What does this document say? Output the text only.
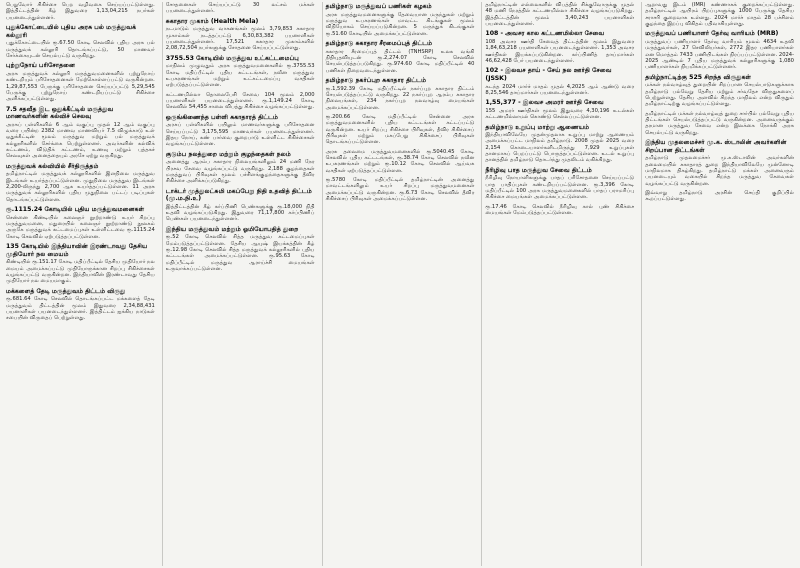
பெறுவோர் சிகிச்சை பெற வழிவகை செய்யப்பட்டுள்ளது. இத்திட்டத்தின் கீழ் இதுவரை 1,13,04,215 நபர்கள் பயனடைந்துள்ளனர்.

புதுக்கோட்டையில் புதிய அரசு பல் மருத்துவக் கல்லூரி

புதுக்கோட்டையில் ரூ.67.50 கோடி செலவில் புதிய அரசு பல் மருத்துவக் கல்லூரி தொடங்கப்பட்டு, 50 மாணவர் சேர்க்கையுடன் செயல்பட்டு வருகிறது.

புற்றுநோய் பரிசோதனை

அரசு மருத்துவக் கல்லூரி மருத்துவமனைகளில் புற்றுநோய் கண்டறியும் பரிசோதனைகள் மேற்கொள்ளப்பட்டு வருகின்றன. 1,29,87,553 பேருக்கு பரிசோதனை செய்யப்பட்டு 5,29,545 பேருக்கு புற்றுநோய் கண்டறியப்பட்டு சிகிச்சை அளிக்கப்பட்டுள்ளது.

7.5 சதவீத இட ஒதுக்கீட்டில் மருத்துவ மாணவர்களின் கல்விச் செலவு

அரசுப் பள்ளிகளில் 6 ஆம் வகுப்பு முதல் 12 ஆம் வகுப்பு வரை பயின்ற 2382 மாணவ மாணவியர் 7.5 விழுக்காடு உள் ஒதுக்கீட்டின் மூலம் மருத்துவ மற்றும் பல் மருத்துவக் கல்லூரிகளில் சேர்க்கை பெற்றுள்ளனர். அவர்களின் கல்விக் கட்டணம், விடுதிக் கட்டணம், உணவு மற்றும் புத்தகச் செலவுகள் அனைத்தையும் அரசே ஏற்று வருகிறது.

மருத்துவக் கல்வியில் சீர்திருத்தம்

தமிழ்நாட்டில் மருத்துவக் கல்லூரிகளில் இளநிலை மருத்துவ இடங்கள் உயர்த்தப்பட்டுள்ளன. முதுநிலை மருத்துவ இடங்கள் 2,200-லிருந்து 2,700 ஆக உயர்த்தப்பட்டுள்ளன. 11 அரசு மருத்துவக் கல்லூரிகளில் புதிய முதுநிலை பட்டப் படிப்புகள் தொடங்கப்பட்டுள்ளன.

ரூ.1115.24 கோடியில் புதிய மருத்துவமனைகள்

சென்னை கிண்டியில் கலைஞர் நூற்றாண்டு உயர் சிறப்பு மருத்துவமனை, மதுரையில் கலைஞர் நூற்றாண்டு நூலகம் அருகே மருத்துவக் கட்டமைப்புகள் உள்ளிட்டவை ரூ.1115.24 கோடி செலவில் ஏற்படுத்தப்பட்டுள்ளன.

135 கோடியில் இந்தியாவின் இரண்டாவது தேசிய முதியோர் நல மையம்

கிண்டியில் ரூ.151.17 கோடி மதிப்பீட்டில் தேசிய முதியோர் நல மையம் அமைக்கப்பட்டு முதியோருக்கான சிறப்பு சிகிச்சைகள் வழங்கப்பட்டு வருகின்றன. இந்தியாவின் இரண்டாவது தேசிய முதியோர் நல மையமாகும்.

மக்களைத் தேடி மருத்துவம் திட்டம் விருது

ரூ.681.64 கோடி செலவில் தொடங்கப்பட்ட மக்களைத் தேடி மருத்துவம் திட்டத்தின் மூலம் இதுவரை 2,34,88,431 பயனாளிகள் பயனடைந்துள்ளனர். இத்திட்டம் ஐக்கிய நாடுகள் சபையின் விருதைப் பெற்றுள்ளது.

சோதனைகள் செய்யப்பட்டு 30 லட்சம் மக்கள் பயனடைந்துள்ளனர்.

சுகாதார முகாம் (Health Mela)

நடமாடும் மருத்துவ வாகனங்கள் மூலம் 3,79,853 சுகாதார முகாம்கள் நடத்தப்பட்டு 6,30,83,382 பயனாளிகள் பயனடைந்துள்ளனர். 17,521 சுகாதார முகாம்களில் 2,08,72,504 நபர்களுக்கு சோதனை செய்யப்பட்டுள்ளது.

3755.53 கோடியில் மருத்துவ உட்கட்டமைப்பு

மாநிலம் முழுவதும் அரசு மருத்துவமனைகளில் ரூ.3755.53 கோடி மதிப்பீட்டில் புதிய கட்டடங்கள், நவீன மருத்துவ உபகரணங்கள் மற்றும் உட்கட்டமைப்பு வசதிகள் ஏற்படுத்தப்பட்டுள்ளன.

கட்டணமில்லா தொலைபேசி சேவை 104 மூலம் 2,000 பயனாளிகள் பயனடைந்துள்ளனர். ரூ.1,149.24 கோடி செலவில் 54,455 சாலை விபத்து சிகிச்சை வழங்கப்பட்டுள்ளது.

ஒருங்கிணைந்த பள்ளி சுகாதாரத் திட்டம்

அரசுப் பள்ளிகளில் பயிலும் மாணவர்களுக்கு பரிசோதனை செய்யப்பட்டு 3,175,595 மாணவர்கள் பயனடைந்துள்ளனர். இதய நோய், கண் பார்வை குறைபாடு உள்ளிட்ட சிகிச்சைகள் வழங்கப்பட்டுள்ளன.

குடும்ப நலத்துறை மற்றும் குழந்தைகள் நலம்

அனைத்து ஆரம்ப சுகாதார நிலையங்களிலும் 24 மணி நேர பிரசவ சேவை வழங்கப்பட்டு வருகிறது. 2,188 குழந்தைகள் மருத்துவப் பிரிவுகள் மூலம் பச்சிளங்குழந்தைகளுக்கு தீவிர சிகிச்சை அளிக்கப்படுகிறது.

டாக்டர் முத்துலட்சுமி மகப்பேறு நிதி உதவித் திட்டம் (மு.ம.நி.உ)

இத்திட்டத்தின் கீழ் கர்ப்பிணி பெண்களுக்கு ரூ.18,000 நிதி உதவி வழங்கப்படுகிறது. இதுவரை 71,17,800 கர்ப்பிணிப் பெண்கள் பயனடைந்துள்ளனர்.

இந்திய மருத்துவம் மற்றும் ஓமியோபதித் துறை

ரூ.52 கோடி செலவில் சித்த மருத்துவ கட்டமைப்புகள் மேம்படுத்தப்பட்டுள்ளன. தேசிய ஆயுஷ் இயக்கத்தின் கீழ் ரூ.12.98 கோடி செலவில் சித்த மருத்துவக் கல்லூரிகளில் புதிய கட்டடங்கள் அமைக்கப்பட்டுள்ளன. ரூ.95.63 கோடி மதிப்பீட்டில் மருத்துவ ஆராய்ச்சி மையங்கள் உருவாக்கப்பட்டுள்ளன.

தமிழ்நாடு மருத்துவப் பணிகள் கழகம்

அரசு மருத்துவமனைகளுக்கு தேவையான மருந்துகள் மற்றும் மருத்துவ உபகரணங்கள் மாவட்ட கிடங்குகள் மூலம் விநியோகம் செய்யப்படுகின்றன. 5 மருந்துக் கிடங்குகள் ரூ.51.60 கோடியில் அமைக்கப்பட்டுள்ளன.

தமிழ்நாடு சுகாதார சீரமைப்புத் திட்டம்

சுகாதார சீரமைப்புத் திட்டம் (TNHSRP) உலக வங்கி நிதியுதவியுடன் ரூ.2,274.07 கோடி செலவில் செயல்படுத்தப்படுகிறது. ரூ.974.60 கோடி மதிப்பீட்டில் 40 பணிகள் நிறைவடைந்துள்ளன.

தமிழ்நாடு நகர்ப்புற சுகாதார திட்டம்

ரூ.1,592.39 கோடி மதிப்பீட்டில் நகர்ப்புற சுகாதார திட்டம் செயல்படுத்தப்பட்டு வருகிறது. 22 நகர்ப்புற ஆரம்ப சுகாதார நிலையங்கள், 234 நகர்ப்புற நலவாழ்வு மையங்கள் அமைக்கப்பட்டுள்ளன.

ரூ.200.66 கோடி மதிப்பீட்டில் சென்னை அரசு மருத்துவமனைகளில் புதிய கட்டடங்கள் கட்டப்பட்டு வருகின்றன. உயர் சிறப்பு சிகிச்சை பிரிவுகள், தீவிர சிகிச்சைப் பிரிவுகள் மற்றும் மகப்பேறு சிகிச்சைப் பிரிவுகள் தொடங்கப்பட்டுள்ளன.

அரசு தலைமை மருத்துவமனைகளில் ரூ.5040.45 கோடி செலவில் புதிய கட்டடங்கள், ரூ.38.74 கோடி செலவில் நவீன உபகரணங்கள் மற்றும் ரூ.10.12 கோடி செலவில் ஆய்வக வசதிகள் ஏற்படுத்தப்பட்டுள்ளன.

ரூ.5780 கோடி மதிப்பீட்டில் தமிழ்நாட்டின் அனைத்து மாவட்டங்களிலும் உயர் சிறப்பு மருத்துவமனைகள் அமைக்கப்பட்டு வருகின்றன. ரூ.6.73 கோடி செலவில் தீவிர சிகிச்சைப் பிரிவுகள் அமைக்கப்பட்டுள்ளன.

தமிழ்நாட்டின் எல்லைகளில் விபத்தில் சிக்குவோருக்கு முதல் 48 மணி நேரத்தில் கட்டணமில்லா சிகிச்சை வழங்கப்படுகிறது. இத்திட்டத்தின் மூலம் 3,40,243 பயனாளிகள் பயனடைந்துள்ளனர்.

108 - அவசர கால கட்டணமில்லா சேவை

108 அவசர ஊர்தி சேவைத் திட்டத்தின் மூலம் இதுவரை 1,84,63,218 பயனாளிகள் பயனடைந்துள்ளனர். 1,353 அவசர ஊர்திகள் இயக்கப்படுகின்றன. கர்ப்பிணித் தாய்மார்கள் 46,62,428 பேர் பயனடைந்துள்ளனர்.

102 - இலவச தாய் - சேய் நல ஊர்தி சேவை (JSSK)

கடந்த 2024 மார்ச் மாதம் முதல் 4,2025 ஆம் ஆண்டு வரை 8,25,546 தாய்மார்கள் பயனடைந்துள்ளனர்.

1,55,377 - இலவச அமரர் ஊர்தி சேவை

155 அமரர் ஊர்திகள் மூலம் இதுவரை 4,30,196 உடல்கள் கட்டணமில்லாமல் கொண்டு செல்லப்பட்டுள்ளன.

தமிழ்நாடு உறுப்பு மாற்று ஆணையம்

இந்தியாவிலேயே முதன்முதலாக உறுப்பு மாற்று ஆணையம் அமைக்கப்பட்ட மாநிலம் தமிழ்நாடு. 2008 முதல் 2025 வரை 2,154 கொடையாளர்களிடமிருந்து 7,929 உறுப்புகள் தானமாகப் பெறப்பட்டு பொருத்தப்பட்டுள்ளன. உடல் உறுப்பு தானத்தில் தமிழ்நாடு தொடர்ந்து முதலிடம் வகிக்கிறது.

நீரிழிவு பாத மருத்துவ சேவை திட்டம்

நீரிழிவு நோயாளிகளுக்கு பாதப் பரிசோதனை செய்யப்பட்டு பாத பாதிப்புகள் கண்டறியப்பட்டுள்ளன. ரூ.3,396 கோடி மதிப்பீட்டில் 100 அரசு மருத்துவமனைகளில் பாதப் பராமரிப்பு சிகிச்சை மையங்கள் அமைக்கப்பட்டுள்ளன.

ரூ.17.46 கோடி செலவில் நீரிழிவு கால் புண் சிகிச்சை மையங்கள் மேம்படுத்தப்பட்டுள்ளன.

ஆறாவது இடம் (IMR) கண்ணாகக் குறைக்கப்பட்டுள்ளது. தமிழ்நாட்டில் ஆயிரம் பிறப்புகளுக்கு 1000 பேருக்கு தேசிய சராசரி குறைவாக உள்ளது. 2024 மார்ச் மாதம் 28 பச்சிளம் குழந்தை இறப்பு விகிதம் பதிவாகியுள்ளது.

மருத்துவப் பணியாளர் தேர்வு வாரியம் (MRB)

மருத்துவப் பணியாளர் தேர்வு வாரியம் மூலம் 4634 உதவி மருத்துவர்கள், 27 செவிலியர்கள், 2772 இதர பணியாளர்கள் என மொத்தம் 7433 பணியிடங்கள் நிரப்பப்பட்டுள்ளன. 2024-2025 ஆண்டில் 7 புதிய மருத்துவக் கல்லூரிகளுக்கு 1,080 பணியாளர்கள் நியமிக்கப்பட்டுள்ளனர்.

தமிழ்நாட்டிற்கு 525 சிறந்த விருதுகள்

மக்கள் நல்வாழ்வுத் துறையின் சிறப்பான செயல்பாடுகளுக்காக தமிழ்நாடு பல்வேறு தேசிய மற்றும் சர்வதேச விருதுகளைப் பெற்றுள்ளது. தேசிய அளவில் சிறந்த மாநிலம் என்ற விருதும் தமிழ்நாட்டிற்கு வழங்கப்பட்டுள்ளது.

தமிழ்நாட்டில் மக்கள் நல்வாழ்வுத் துறை சார்பில் பல்வேறு புதிய திட்டங்கள் செயல்படுத்தப்பட்டு வருகின்றன. அனைவருக்கும் தரமான மருத்துவ சேவை என்ற இலக்கை நோக்கி அரசு செயல்பட்டு வருகிறது.

இந்திய முதலமைச்சர் மு.க. ஸ்டாலின் அவர்களின் சிறப்பான திட்டங்கள்

தமிழ்நாடு முதலமைச்சர் மு.க.ஸ்டாலின் அவர்களின் தலைமையில் சுகாதாரத் துறை இந்தியாவிலேயே முன்னோடி மாநிலமாக திகழ்கிறது. தமிழ்நாட்டு மக்கள் அனைவரும் பயனடையும் வகையில் சிறந்த மருத்துவ சேவைகள் வழங்கப்பட்டு வருகின்றன.

இவ்வாறு தமிழ்நாடு அரசின் செய்தி குறிப்பில் கூறப்பட்டுள்ளது.
